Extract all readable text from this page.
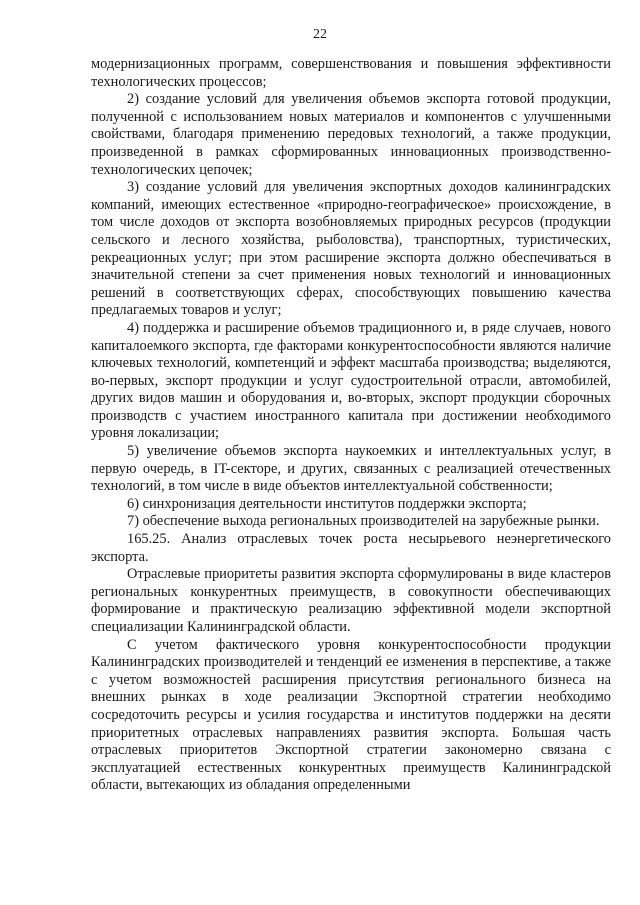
22

модернизационных программ, совершенствования и повышения эффективности технологических процессов;

2) создание условий для увеличения объемов экспорта готовой продукции, полученной с использованием новых материалов и компонентов с улучшенными свойствами, благодаря применению передовых технологий, а также продукции, произведенной в рамках сформированных инновационных производственно-технологических цепочек;

3) создание условий для увеличения экспортных доходов калининградских компаний, имеющих естественное «природно-географическое» происхождение, в том числе доходов от экспорта возобновляемых природных ресурсов (продукции сельского и лесного хозяйства, рыболовства), транспортных, туристических, рекреационных услуг; при этом расширение экспорта должно обеспечиваться в значительной степени за счет применения новых технологий и инновационных решений в соответствующих сферах, способствующих повышению качества предлагаемых товаров и услуг;

4) поддержка и расширение объемов традиционного и, в ряде случаев, нового капиталоемкого экспорта, где факторами конкурентоспособности являются наличие ключевых технологий, компетенций и эффект масштаба производства; выделяются, во-первых, экспорт продукции и услуг судостроительной отрасли, автомобилей, других видов машин и оборудования и, во-вторых, экспорт продукции сборочных производств с участием иностранного капитала при достижении необходимого уровня локализации;

5) увеличение объемов экспорта наукоемких и интеллектуальных услуг, в первую очередь, в IT-секторе, и других, связанных с реализацией отечественных технологий, в том числе в виде объектов интеллектуальной собственности;

6) синхронизация деятельности институтов поддержки экспорта;

7) обеспечение выхода региональных производителей на зарубежные рынки.

165.25. Анализ отраслевых точек роста несырьевого неэнергетического экспорта.

Отраслевые приоритеты развития экспорта сформулированы в виде кластеров региональных конкурентных преимуществ, в совокупности обеспечивающих формирование и практическую реализацию эффективной модели экспортной специализации Калининградской области.

С учетом фактического уровня конкурентоспособности продукции Калининградских производителей и тенденций ее изменения в перспективе, а также с учетом возможностей расширения присутствия регионального бизнеса на внешних рынках в ходе реализации Экспортной стратегии необходимо сосредоточить ресурсы и усилия государства и институтов поддержки на десяти приоритетных отраслевых направлениях развития экспорта. Большая часть отраслевых приоритетов Экспортной стратегии закономерно связана с эксплуатацией естественных конкурентных преимуществ Калининградской области, вытекающих из обладания определенными
